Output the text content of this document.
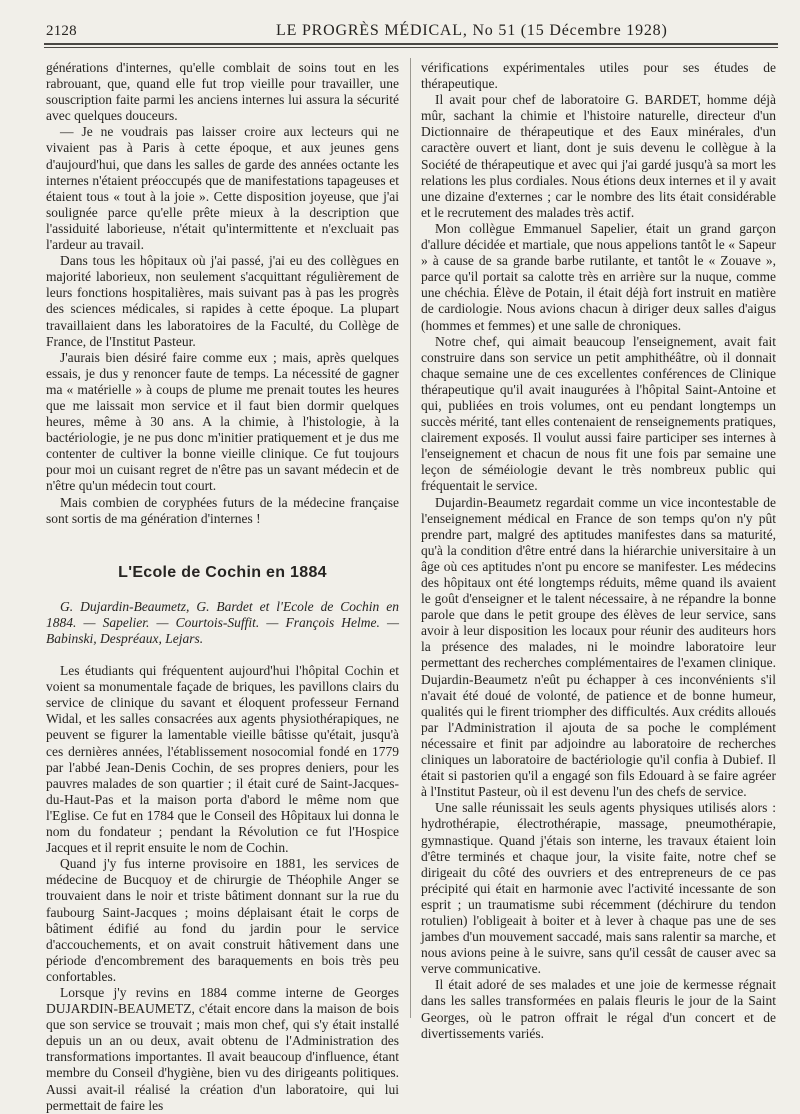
2128	LE PROGRÈS MÉDICAL, No 51 (15 Décembre 1928)

générations d'internes, qu'elle comblait de soins tout en les rabrouant, que, quand elle fut trop vieille pour travailler, une souscription faite parmi les anciens internes lui assura la sécurité avec quelques douceurs.

— Je ne voudrais pas laisser croire aux lecteurs qui ne vivaient pas à Paris à cette époque, et aux jeunes gens d'aujourd'hui, que dans les salles de garde des années octante les internes n'étaient préoccupés que de manifestations tapageuses et étaient tous « tout à la joie ». Cette disposition joyeuse, que j'ai soulignée parce qu'elle prête mieux à la description que l'assiduité laborieuse, n'était qu'intermittente et n'excluait pas l'ardeur au travail.

Dans tous les hôpitaux où j'ai passé, j'ai eu des collègues en majorité laborieux, non seulement s'acquittant régulièrement de leurs fonctions hospitalières, mais suivant pas à pas les progrès des sciences médicales, si rapides à cette époque. La plupart travaillaient dans les laboratoires de la Faculté, du Collège de France, de l'Institut Pasteur.

J'aurais bien désiré faire comme eux ; mais, après quelques essais, je dus y renoncer faute de temps. La nécessité de gagner ma « matérielle » à coups de plume me prenait toutes les heures que me laissait mon service et il faut bien dormir quelques heures, même à 30 ans. A la chimie, à l'histologie, à la bactériologie, je ne pus donc m'initier pratiquement et je dus me contenter de cultiver la bonne vieille clinique. Ce fut toujours pour moi un cuisant regret de n'être pas un savant médecin et de n'être qu'un médecin tout court.

Mais combien de coryphées futurs de la médecine française sont sortis de ma génération d'internes !

L'Ecole de Cochin en 1884

G. Dujardin-Beaumetz, G. Bardet et l'Ecole de Cochin en 1884. — Sapelier. — Courtois-Suffit. — François Helme. — Babinski, Despréaux, Lejars.

Les étudiants qui fréquentent aujourd'hui l'hôpital Cochin et voient sa monumentale façade de briques, les pavillons clairs du service de clinique du savant et éloquent professeur Fernand Widal, et les salles consacrées aux agents physiothérapiques, ne peuvent se figurer la lamentable vieille bâtisse qu'était, jusqu'à ces dernières années, l'établissement nosocomial fondé en 1779 par l'abbé Jean-Denis Cochin, de ses propres deniers, pour les pauvres malades de son quartier ; il était curé de Saint-Jacques-du-Haut-Pas et la maison porta d'abord le même nom que l'Eglise. Ce fut en 1784 que le Conseil des Hôpitaux lui donna le nom du fondateur ; pendant la Révolution ce fut l'Hospice Jacques et il reprit ensuite le nom de Cochin.

Quand j'y fus interne provisoire en 1881, les services de médecine de Bucquoy et de chirurgie de Théophile Anger se trouvaient dans le noir et triste bâtiment donnant sur la rue du faubourg Saint-Jacques ; moins déplaisant était le corps de bâtiment édifié au fond du jardin pour le service d'accouchements, et on avait construit hâtivement dans une période d'encombrement des baraquements en bois très peu confortables.

Lorsque j'y revins en 1884 comme interne de Georges DUJARDIN-BEAUMETZ, c'était encore dans la maison de bois que son service se trouvait ; mais mon chef, qui s'y était installé depuis un an ou deux, avait obtenu de l'Administration des transformations importantes. Il avait beaucoup d'influence, étant membre du Conseil d'hygiène, bien vu des dirigeants politiques. Aussi avait-il réalisé la création d'un laboratoire, qui lui permettait de faire les

vérifications expérimentales utiles pour ses études de thérapeutique.

Il avait pour chef de laboratoire G. BARDET, homme déjà mûr, sachant la chimie et l'histoire naturelle, directeur d'un Dictionnaire de thérapeutique et des Eaux minérales, d'un caractère ouvert et liant, dont je suis devenu le collègue à la Société de thérapeutique et avec qui j'ai gardé jusqu'à sa mort les relations les plus cordiales. Nous étions deux internes et il y avait une dizaine d'externes ; car le nombre des lits était considérable et le recrutement des malades très actif.

Mon collègue Emmanuel Sapelier, était un grand garçon d'allure décidée et martiale, que nous appelions tantôt le « Sapeur » à cause de sa grande barbe rutilante, et tantôt le « Zouave », parce qu'il portait sa calotte très en arrière sur la nuque, comme une chéchia. Élève de Potain, il était déjà fort instruit en matière de cardiologie. Nous avions chacun à diriger deux salles d'aigus (hommes et femmes) et une salle de chroniques.

Notre chef, qui aimait beaucoup l'enseignement, avait fait construire dans son service un petit amphithéâtre, où il donnait chaque semaine une de ces excellentes conférences de Clinique thérapeutique qu'il avait inaugurées à l'hôpital Saint-Antoine et qui, publiées en trois volumes, ont eu pendant longtemps un succès mérité, tant elles contenaient de renseignements pratiques, clairement exposés. Il voulut aussi faire participer ses internes à l'enseignement et chacun de nous fit une fois par semaine une leçon de séméiologie devant le très nombreux public qui fréquentait le service.

Dujardin-Beaumetz regardait comme un vice incontestable de l'enseignement médical en France de son temps qu'on n'y pût prendre part, malgré des aptitudes manifestes dans sa maturité, qu'à la condition d'être entré dans la hiérarchie universitaire à un âge où ces aptitudes n'ont pu encore se manifester. Les médecins des hôpitaux ont été longtemps réduits, même quand ils avaient le goût d'enseigner et le talent nécessaire, à ne répandre la bonne parole que dans le petit groupe des élèves de leur service, sans avoir à leur disposition les locaux pour réunir des auditeurs hors la présence des malades, ni le moindre laboratoire leur permettant des recherches complémentaires de l'examen clinique. Dujardin-Beaumetz n'eût pu échapper à ces inconvénients s'il n'avait été doué de volonté, de patience et de bonne humeur, qualités qui le firent triompher des difficultés. Aux crédits alloués par l'Administration il ajouta de sa poche le complément nécessaire et finit par adjoindre au laboratoire de recherches cliniques un laboratoire de bactériologie qu'il confia à Dubief. Il était si pastorien qu'il a engagé son fils Edouard à se faire agréer à l'Institut Pasteur, où il est devenu l'un des chefs de service.

Une salle réunissait les seuls agents physiques utilisés alors : hydrothérapie, électrothérapie, massage, pneumothérapie, gymnastique. Quand j'étais son interne, les travaux étaient loin d'être terminés et chaque jour, la visite faite, notre chef se dirigeait du côté des ouvriers et des entrepreneurs de ce pas précipité qui était en harmonie avec l'activité incessante de son esprit ; un traumatisme subi récemment (déchirure du tendon rotulien) l'obligeait à boiter et à lever à chaque pas une de ses jambes d'un mouvement saccadé, mais sans ralentir sa marche, et nous avions peine à le suivre, sans qu'il cessât de causer avec sa verve communicative.

Il était adoré de ses malades et une joie de kermesse régnait dans les salles transformées en palais fleuris le jour de la Saint Georges, où le patron offrait le régal d'un concert et de divertissements variés.
